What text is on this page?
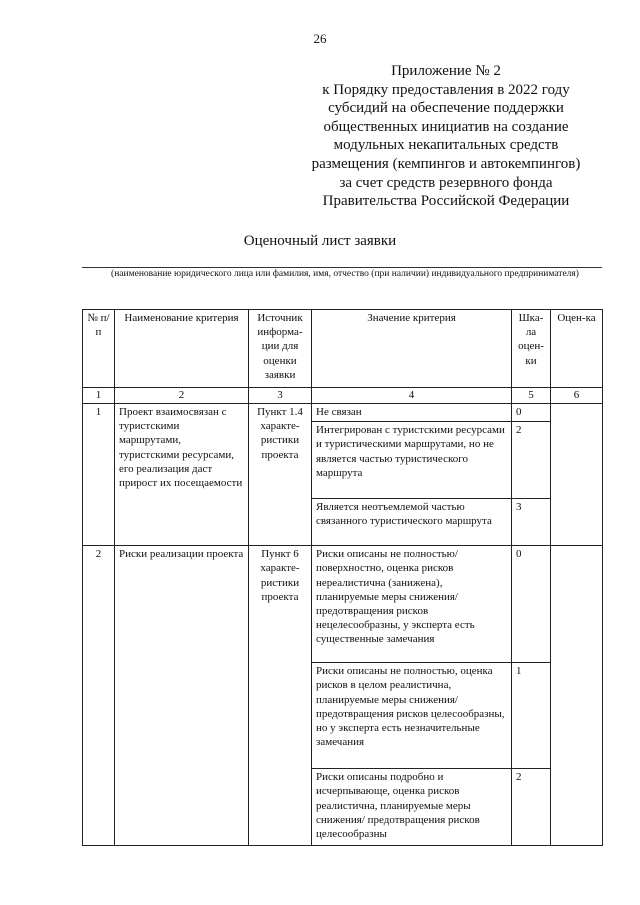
26
Приложение № 2
к Порядку предоставления в 2022 году
субсидий на обеспечение поддержки
общественных инициатив на создание
модульных некапитальных средств
размещения (кемпингов и автокемпингов)
за счет средств резервного фонда
Правительства Российской Федерации
Оценочный лист заявки
(наименование юридического лица или фамилия, имя, отчество (при наличии) индивидуального предпринимателя)
№ п/п	Наименование критерия	Источник информа-ции для оценки заявки	Значение критерия	Шка-ла оцен-ки	Оцен-ка
1	2	3	4	5	6
1	Проект взаимосвязан с туристскими маршрутами, туристскими ресурсами, его реализация даст прирост их посещаемости	Пункт 1.4 характе-ристики проекта	Не связан	0	
			Интегрирован с туристскими ресурсами и туристическими маршрутами, но не является частью туристического маршрута	2	
			Является неотъемлемой частью связанного туристического маршрута	3	
2	Риски реализации проекта	Пункт 6 характе-ристики проекта	Риски описаны не полностью/поверхностно, оценка рисков нереалистична (занижена), планируемые меры снижения/предотвращения рисков нецелесообразны, у эксперта есть существенные замечания	0	
			Риски описаны не полностью, оценка рисков в целом реалистична, планируемые меры снижения/ предотвращения рисков целесообразны, но у эксперта есть незначительные замечания	1	
			Риски описаны подробно и исчерпывающе, оценка рисков реалистична, планируемые меры снижения/ предотвращения рисков целесообразны	2	
